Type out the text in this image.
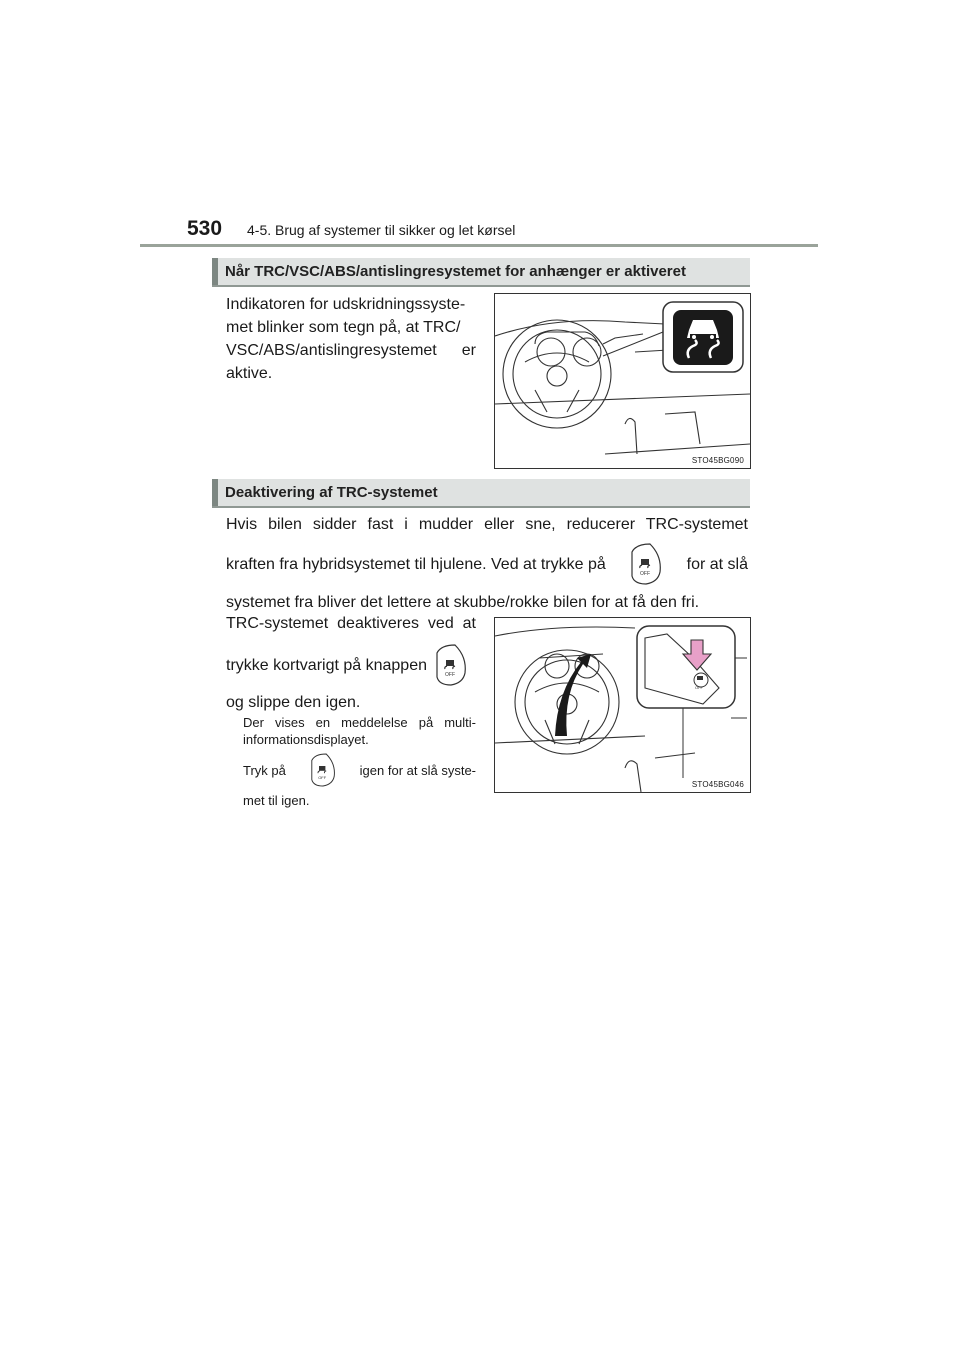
530 4-5. Brug af systemer til sikker og let kørsel
Når TRC/VSC/ABS/antislingresystemet for anhænger er aktiveret
Indikatoren for udskridningssyste-
met blinker som tegn på, at TRC/
VSC/ABS/antislingresystemet er
aktive.
STO45BG090
Deaktivering af TRC-systemet
Hvis bilen sidder fast i mudder eller sne, reducerer TRC-systemet
kraften fra hybridsystemet til hjulene. Ved at trykke på
OFF
for at slå
systemet fra bliver det lettere at skubbe/rokke bilen for at få den fri.
TRC-systemet deaktiveres ved at
trykke kortvarigt på knappen
OFF
og slippe den igen.
Der vises en meddelelse på multi-
informationsdisplayet.
Tryk på	OFF	igen for at slå syste-
met til igen.
OFF
STO45BG046
